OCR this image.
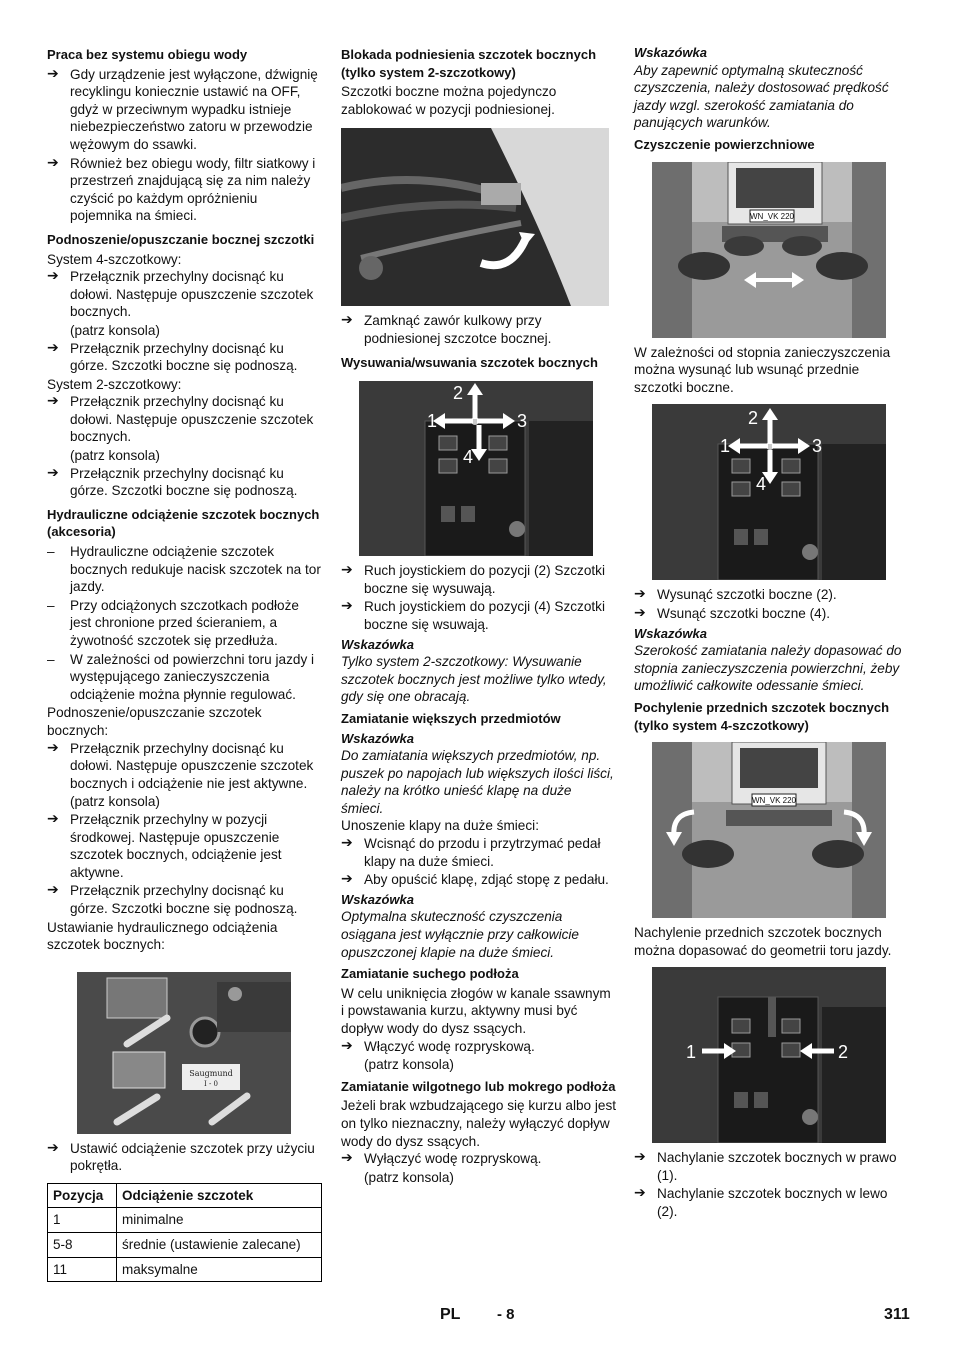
Praca bez systemu obiegu wody
➔ Gdy urządzenie jest wyłączone, dźwignię recyklingu koniecznie ustawić na OFF, gdyż w przeciwnym wypadku istnieje niebezpieczeństwo zatoru w przewodzie wężowym do ssawki.
➔ Również bez obiegu wody, filtr siatkowy i przestrzeń znajdującą się za nim należy czyścić po każdym opróżnieniu pojemnika na śmieci.
Podnoszenie/opuszczanie bocznej szczotki
System 4-szczotkowy:
➔ Przełącznik przechylny docisnąć ku dołowi. Następuje opuszczenie szczotek bocznych.
(patrz konsola)
➔ Przełącznik przechylny docisnąć ku górze. Szczotki boczne się podnoszą.
System 2-szczotkowy:
➔ Przełącznik przechylny docisnąć ku dołowi. Następuje opuszczenie szczotek bocznych.
(patrz konsola)
➔ Przełącznik przechylny docisnąć ku górze. Szczotki boczne się podnoszą.
Hydrauliczne odciążenie szczotek bocznych (akcesoria)
– Hydrauliczne odciążenie szczotek bocznych redukuje nacisk szczotek na tor jazdy.
– Przy odciążonych szczotkach podłoże jest chronione przed ścieraniem, a żywotność szczotek się przedłuża.
– W zależności od powierzchni toru jazdy i występującego zanieczyszczenia odciążenie można płynnie regulować.
Podnoszenie/opuszczanie szczotek bocznych:
➔ Przełącznik przechylny docisnąć ku dołowi. Następuje opuszczenie szczotek bocznych i odciążenie nie jest aktywne.
(patrz konsola)
➔ Przełącznik przechylny w pozycji środkowej. Następuje opuszczenie szczotek bocznych, odciążenie jest aktywne.
➔ Przełącznik przechylny docisnąć ku górze. Szczotki boczne się podnoszą.
Ustawianie hydraulicznego odciążenia szczotek bocznych:
Saugmund
I - 0
➔ Ustawić odciążenie szczotek przy użyciu pokrętła.
Pozycja	Odciążenie szczotek
1	minimalne
5-8	średnie (ustawienie zalecane)
11	maksymalne
Blokada podniesienia szczotek bocznych (tylko system 2-szczotkowy)
Szczotki boczne można pojedynczo zablokować w pozycji podniesionej.
➔ Zamknąć zawór kulkowy przy podniesionej szczotce bocznej.
Wysuwania/wsuwania szczotek bocznych
1
2
3
4
➔ Ruch joystickiem do pozycji (2) Szczotki boczne się wysuwają.
➔ Ruch joystickiem do pozycji (4) Szczotki boczne się wsuwają.
Wskazówka
Tylko system 2-szczotkowy: Wysuwanie szczotek bocznych jest możliwe tylko wtedy, gdy się one obracają.
Zamiatanie większych przedmiotów
Wskazówka
Do zamiatania większych przedmiotów, np. puszek po napojach lub większych ilości liści, należy na krótko unieść klapę na duże śmieci.
Unoszenie klapy na duże śmieci:
➔ Wcisnąć do przodu i przytrzymać pedał klapy na duże śmieci.
➔ Aby opuścić klapę, zdjąć stopę z pedału.
Wskazówka
Optymalna skuteczność czyszczenia osiągana jest wyłącznie przy całkowicie opuszczonej klapie na duże śmieci.
Zamiatanie suchego podłoża
W celu uniknięcia złogów w kanale ssawnym i powstawania kurzu, aktywny musi być dopływ wody do dysz ssących.
➔ Włączyć wodę rozpryskową.
(patrz konsola)
Zamiatanie wilgotnego lub mokrego podłoża
Jeżeli brak wzbudzającego się kurzu albo jest on tylko nieznaczny, należy wyłączyć dopływ wody do dysz ssących.
➔ Wyłączyć wodę rozpryskową.
(patrz konsola)
Wskazówka
Aby zapewnić optymalną skuteczność czyszczenia, należy dostosować prędkość jazdy wzgl. szerokość zamiatania do panujących warunków.
Czyszczenie powierzchniowe
WN_VK 220
W zależności od stopnia zanieczyszczenia można wysunąć lub wsunąć przednie szczotki boczne.
1
2
3
4
➔ Wysunąć szczotki boczne (2).
➔ Wsunąć szczotki boczne (4).
Wskazówka
Szerokość zamiatania należy dopasować do stopnia zanieczyszczenia powierzchni, żeby umożliwić całkowite odessanie śmieci.
Pochylenie przednich szczotek bocznych (tylko system 4-szczotkowy)
WN_VK 220
Nachylenie przednich szczotek bocznych można dopasować do geometrii toru jazdy.
1	2
➔ Nachylanie szczotek bocznych w prawo (1).
➔ Nachylanie szczotek bocznych w lewo (2).
PL - 8	311
